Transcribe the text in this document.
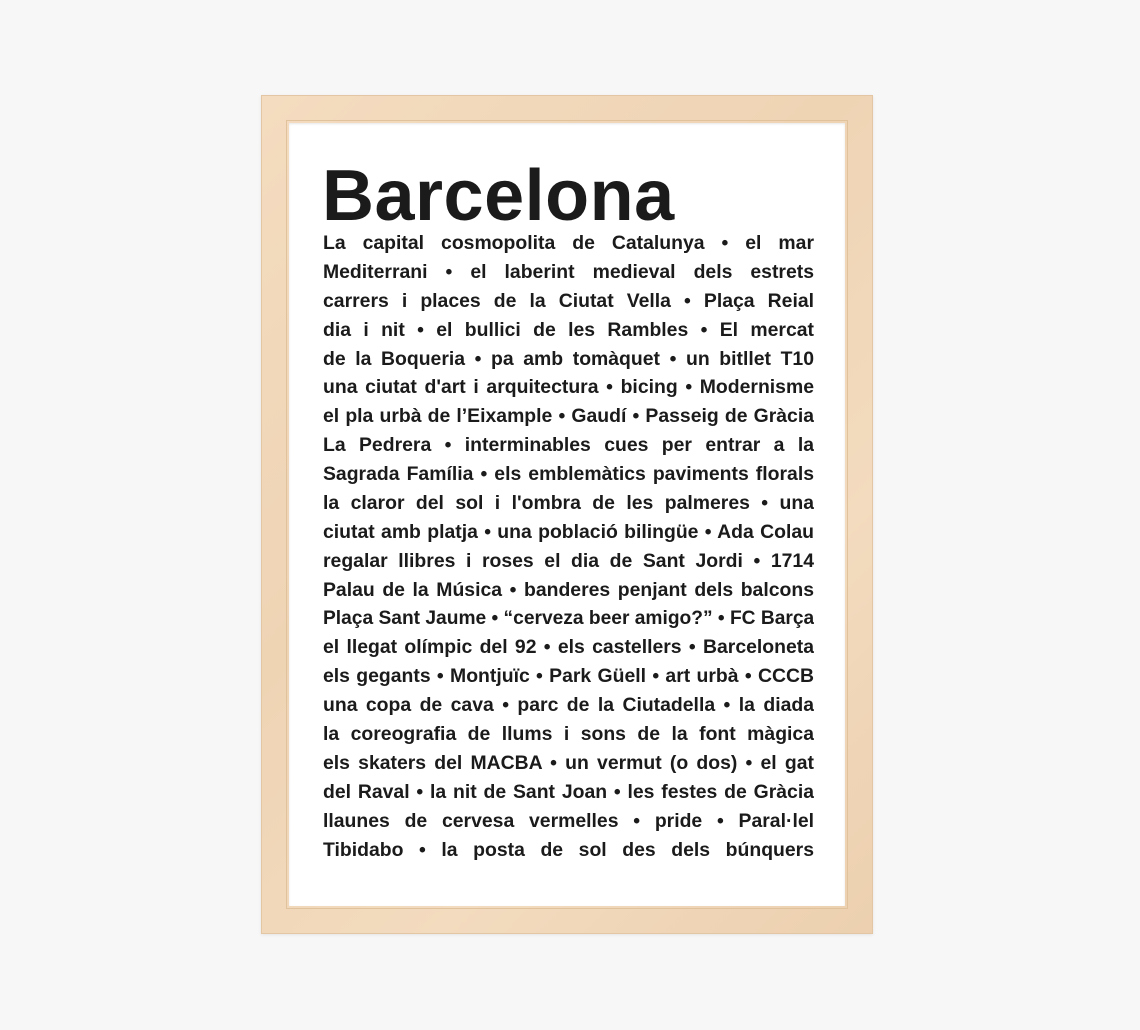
Barcelona
La capital cosmopolita de Catalunya • el mar
Mediterrani • el laberint medieval dels estrets
carrers i places de la Ciutat Vella • Plaça Reial
dia i nit • el bullici de les Rambles • El mercat
de la Boqueria • pa amb tomàquet • un bitllet T10
una ciutat d'art i arquitectura • bicing • Modernisme
el pla urbà de l’Eixample • Gaudí • Passeig de Gràcia
La Pedrera • interminables cues per entrar a la
Sagrada Família • els emblemàtics paviments florals
la claror del sol i l'ombra de les palmeres • una
ciutat amb platja • una població bilingüe • Ada Colau
regalar llibres i roses el dia de Sant Jordi • 1714
Palau de la Música • banderes penjant dels balcons
Plaça Sant Jaume • “cerveza beer amigo?” • FC Barça
el llegat olímpic del 92 • els castellers • Barceloneta
els gegants • Montjuïc • Park Güell • art urbà • CCCB
una copa de cava • parc de la Ciutadella • la diada
la coreografia de llums i sons de la font màgica
els skaters del MACBA • un vermut (o dos) • el gat
del Raval • la nit de Sant Joan • les festes de Gràcia
llaunes de cervesa vermelles • pride • Paral·lel
Tibidabo • la posta de sol des dels búnquers
